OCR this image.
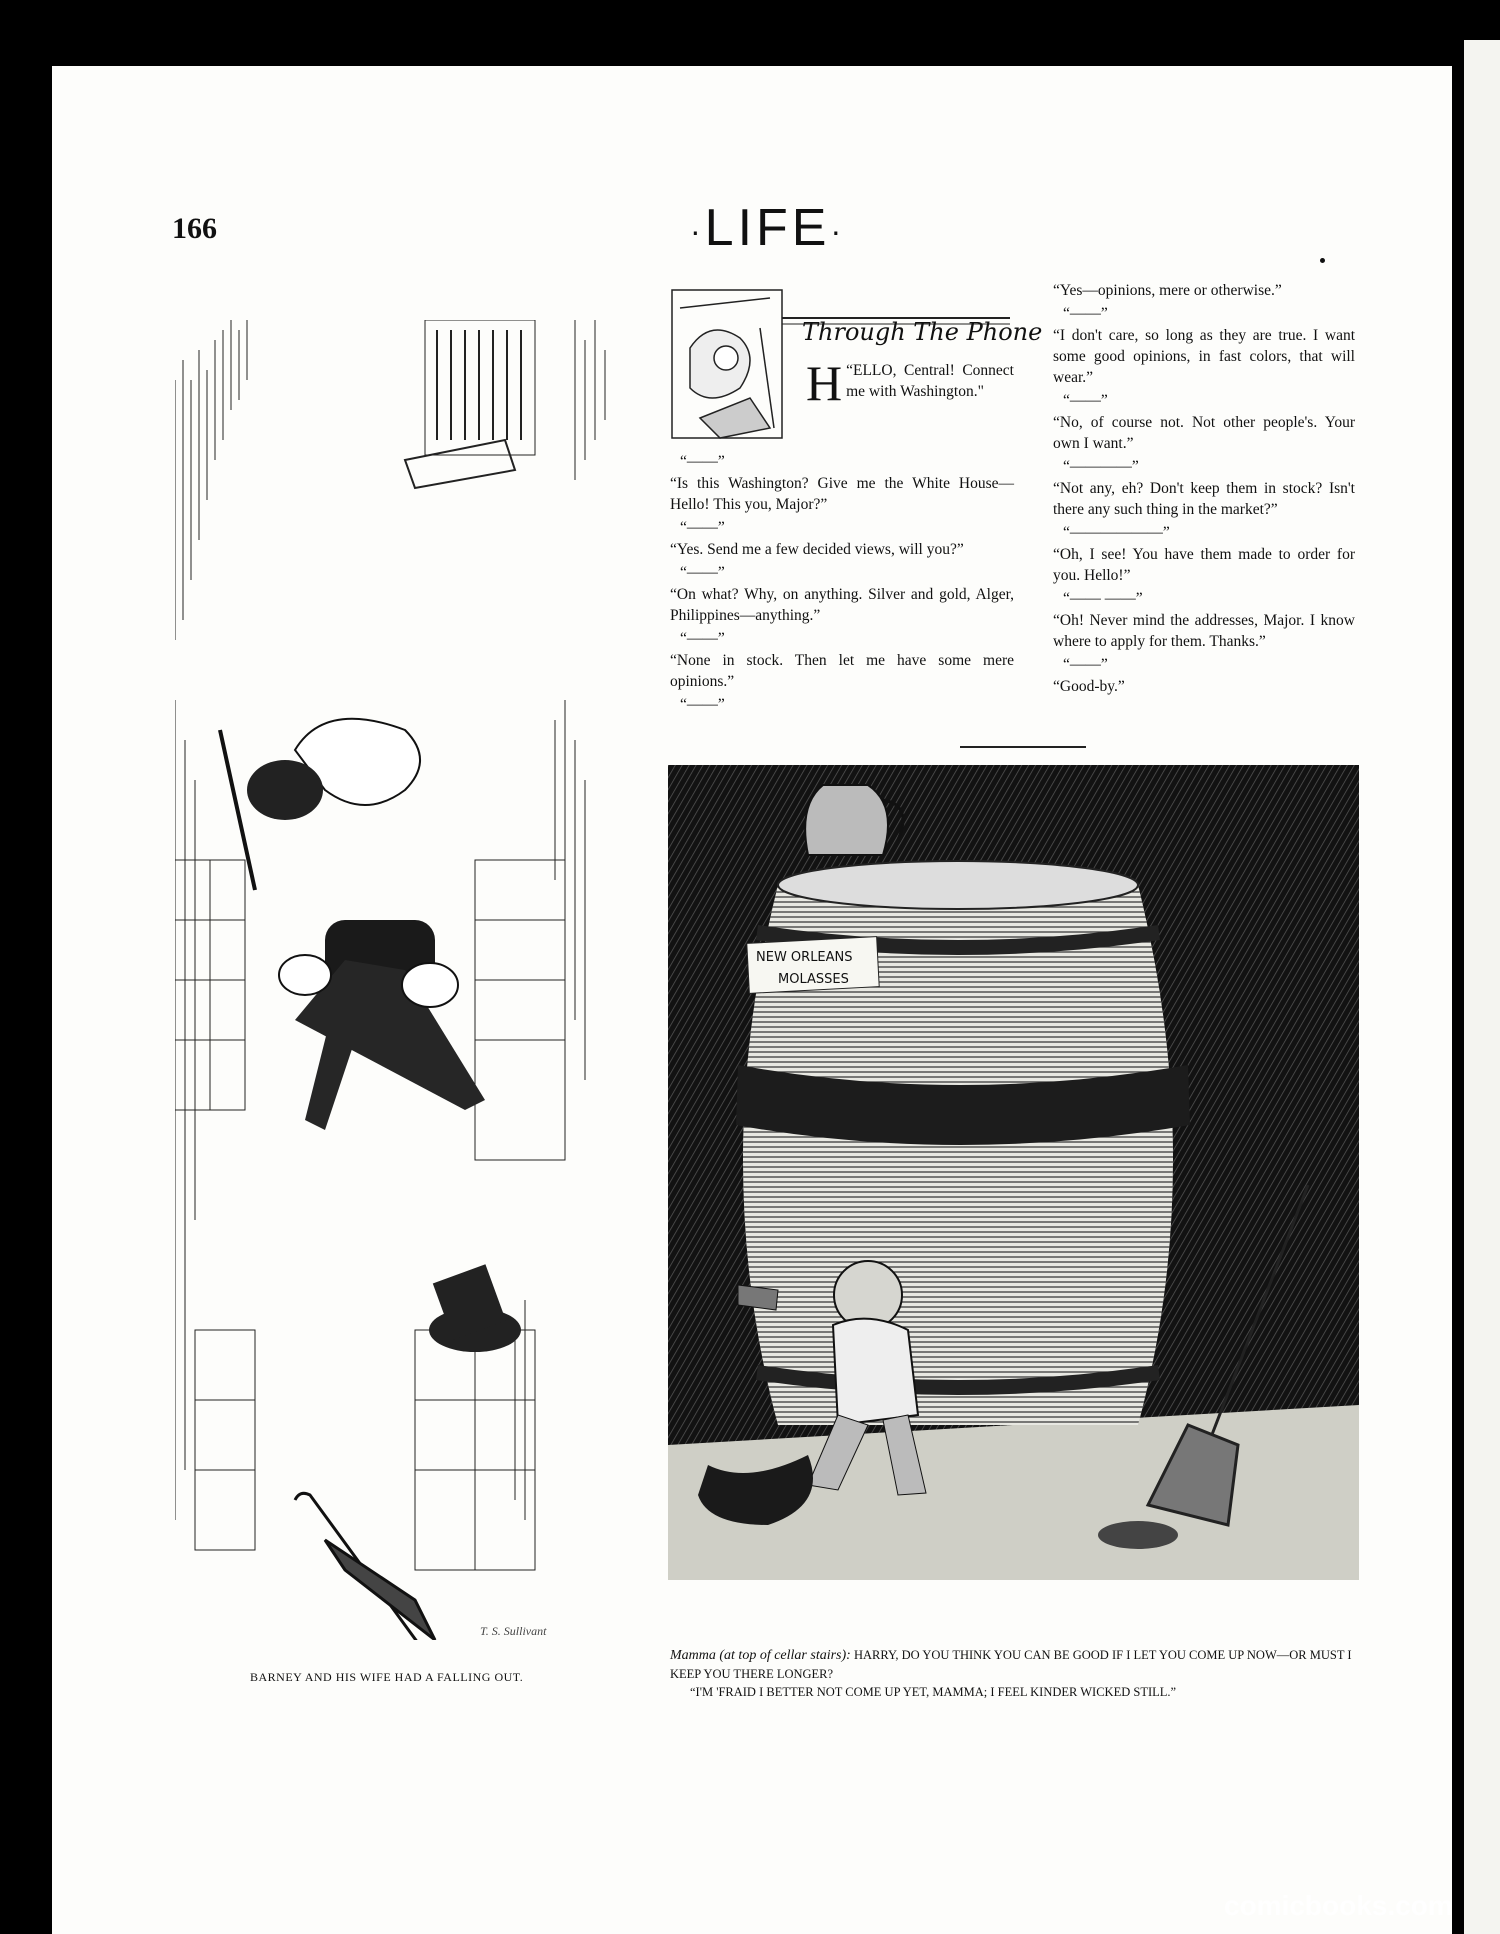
166	·LIFE·
T. S. Sullivant
BARNEY AND HIS WIFE HAD A FALLING OUT.
Through The Phone

“
H ELLO, Central! Connect me with Washington."

“——”

“Is this Washington? Give me the White House—Hello! This you, Major?”

“——”

“Yes. Send me a few decided views, will you?”

“——”

“On what? Why, on anything. Silver and gold, Alger, Philippines—anything.”

“——”

“None in stock. Then let me have some mere opinions.”

“——”

“Yes—opinions, mere or otherwise.”

“——”

“I don't care, so long as they are true. I want some good opinions, in fast colors, that will wear.”

“——”

“No, of course not. Not other people's. Your own I want.”

“————”

“Not any, eh? Don't keep them in stock? Isn't there any such thing in the market?”

“——————”

“Oh, I see! You have them made to order for you. Hello!”

“—— ——”

“Oh! Never mind the addresses, Major. I know where to apply for them. Thanks.”

“——”

“Good-by.”

NEW ORLEANS
MOLASSES
Mamma (at top of cellar stairs): HARRY, DO YOU THINK YOU CAN BE GOOD IF I LET YOU COME UP NOW—OR MUST I KEEP YOU THERE LONGER?
“I'M 'FRAID I BETTER NOT COME UP YET, MAMMA; I FEEL KINDER WICKED STILL.”
comicbooks.com
